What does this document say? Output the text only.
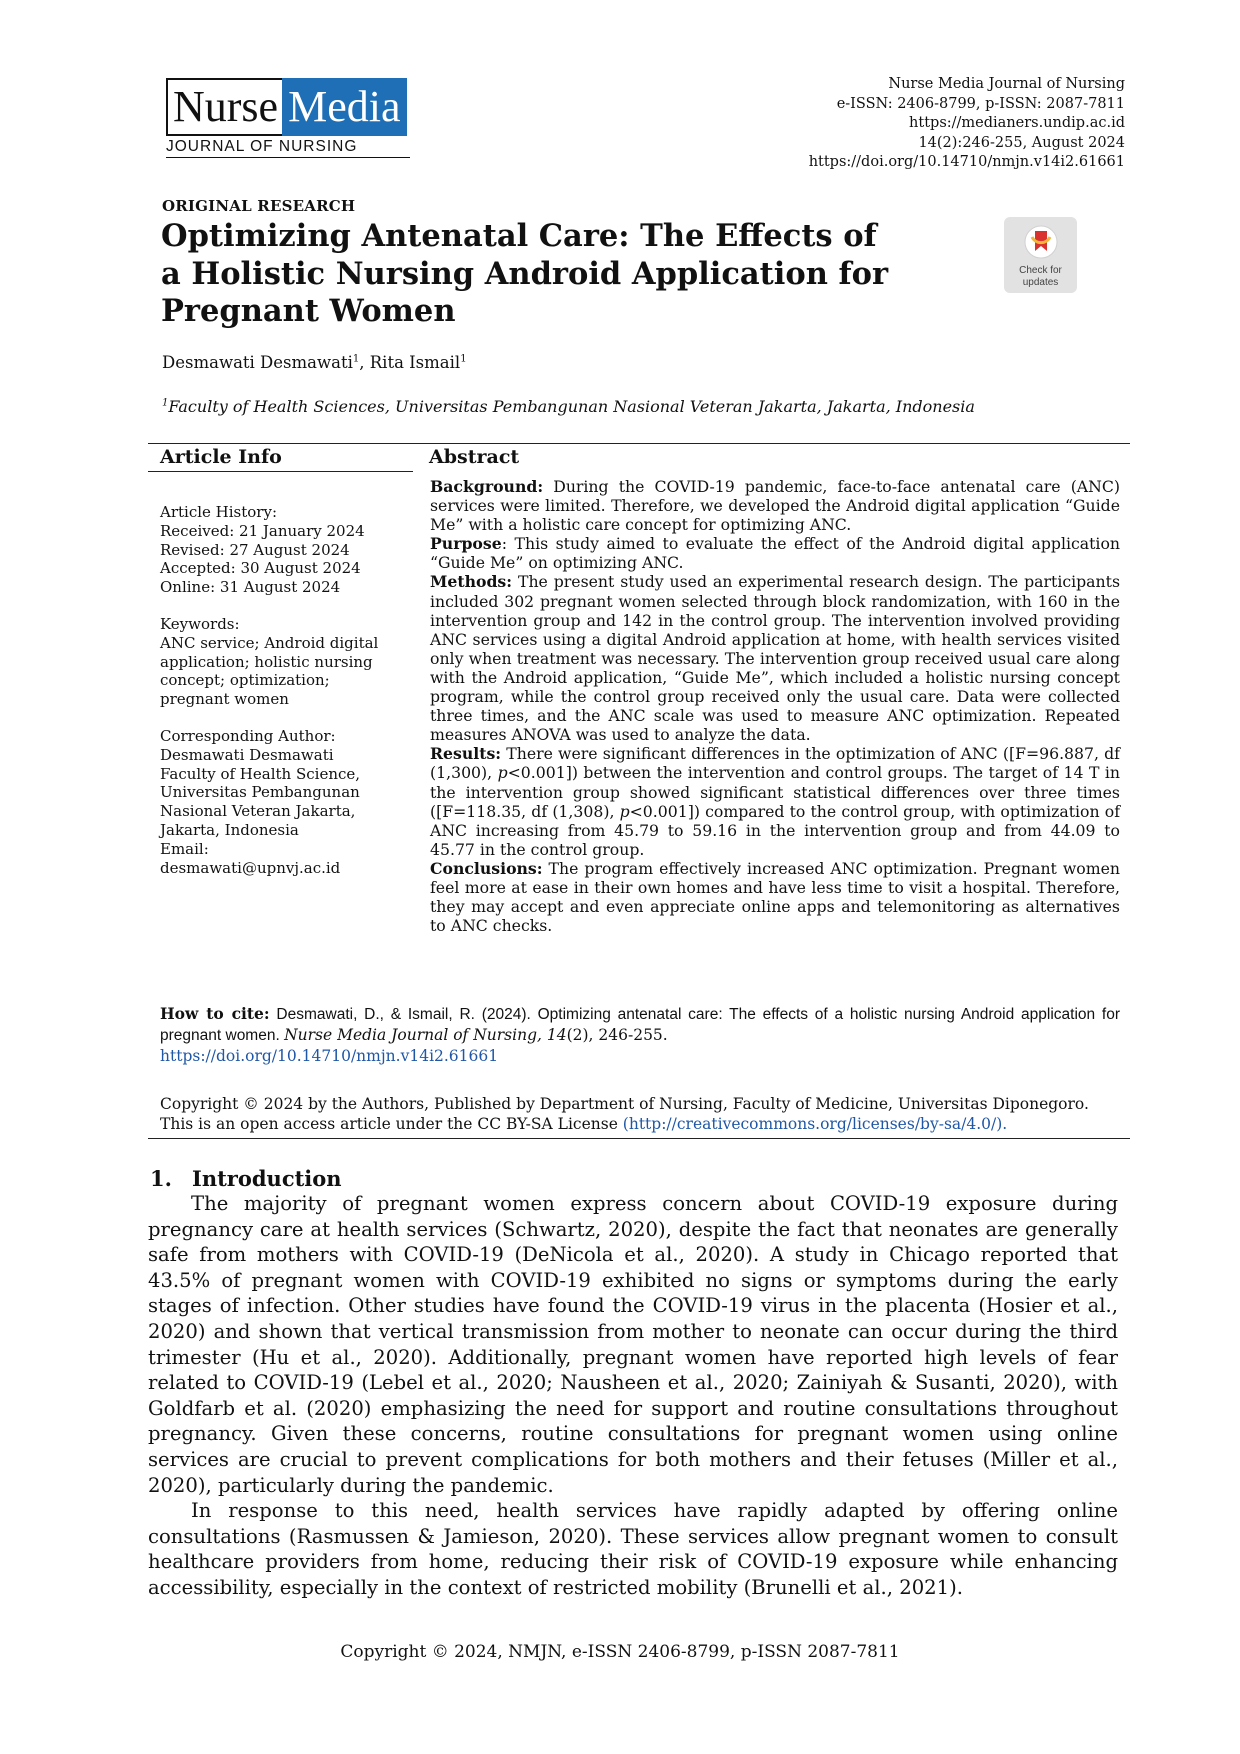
Nurse Media
JOURNAL OF NURSING
Nurse Media Journal of Nursing
e-ISSN: 2406-8799, p-ISSN: 2087-7811
https://medianers.undip.ac.id
14(2):246-255, August 2024
https://doi.org/10.14710/nmjn.v14i2.61661
ORIGINAL RESEARCH
Optimizing Antenatal Care: The Effects of
a Holistic Nursing Android Application for
Pregnant Women
Check for
updates
Desmawati Desmawati$^1$, Rita Ismail$^1$
$^1$Faculty of Health Sciences, Universitas Pembangunan Nasional Veteran Jakarta, Jakarta, Indonesia
Article Info	Abstract

Article History:
Received: 21 January 2024
Revised: 27 August 2024
Accepted: 30 August 2024
Online: 31 August 2024

Keywords:
ANC service; Android digital
application; holistic nursing
concept; optimization;
pregnant women

Corresponding Author:
Desmawati Desmawati
Faculty of Health Science,
Universitas Pembangunan
Nasional Veteran Jakarta,
Jakarta, Indonesia
Email:
desmawati@upnvj.ac.id

Background: During the COVID-19 pandemic, face-to-face antenatal care (ANC) services were limited. Therefore, we developed the Android digital application “Guide Me” with a holistic care concept for optimizing ANC.

Purpose: This study aimed to evaluate the effect of the Android digital application “Guide Me” on optimizing ANC.

Methods: The present study used an experimental research design. The participants included 302 pregnant women selected through block randomization, with 160 in the intervention group and 142 in the control group. The intervention involved providing ANC services using a digital Android application at home, with health services visited only when treatment was necessary. The intervention group received usual care along with the Android application, “Guide Me”, which included a holistic nursing concept program, while the control group received only the usual care. Data were collected three times, and the ANC scale was used to measure ANC optimization. Repeated measures ANOVA was used to analyze the data.

Results: There were significant differences in the optimization of ANC ([F=96.887, df (1,300), p<0.001]) between the intervention and control groups. The target of 14 T in the intervention group showed significant statistical differences over three times ([F=118.35, df (1,308), p<0.001]) compared to the control group, with optimization of ANC increasing from 45.79 to 59.16 in the intervention group and from 44.09 to 45.77 in the control group.

Conclusions: The program effectively increased ANC optimization. Pregnant women feel more at ease in their own homes and have less time to visit a hospital. Therefore, they may accept and even appreciate online apps and telemonitoring as alternatives to ANC checks.

How to cite: Desmawati, D., & Ismail, R. (2024). Optimizing antenatal care: The effects of a holistic nursing Android application for pregnant women. Nurse Media Journal of Nursing, 14(2), 246-255.
https://doi.org/10.14710/nmjn.v14i2.61661
Copyright © 2024 by the Authors, Published by Department of Nursing, Faculty of Medicine, Universitas Diponegoro.
This is an open access article under the CC BY-SA License (http://creativecommons.org/licenses/by-sa/4.0/).
1. Introduction

The majority of pregnant women express concern about COVID-19 exposure during pregnancy care at health services (Schwartz, 2020), despite the fact that neonates are generally safe from mothers with COVID-19 (DeNicola et al., 2020). A study in Chicago reported that 43.5% of pregnant women with COVID-19 exhibited no signs or symptoms during the early stages of infection. Other studies have found the COVID-19 virus in the placenta (Hosier et al., 2020) and shown that vertical transmission from mother to neonate can occur during the third trimester (Hu et al., 2020). Additionally, pregnant women have reported high levels of fear related to COVID-19 (Lebel et al., 2020; Nausheen et al., 2020; Zainiyah & Susanti, 2020), with Goldfarb et al. (2020) emphasizing the need for support and routine consultations throughout pregnancy. Given these concerns, routine consultations for pregnant women using online services are crucial to prevent complications for both mothers and their fetuses (Miller et al., 2020), particularly during the pandemic.

In response to this need, health services have rapidly adapted by offering online consultations (Rasmussen & Jamieson, 2020). These services allow pregnant women to consult healthcare providers from home, reducing their risk of COVID-19 exposure while enhancing accessibility, especially in the context of restricted mobility (Brunelli et al., 2021).

Copyright © 2024, NMJN, e-ISSN 2406-8799, p-ISSN 2087-7811
